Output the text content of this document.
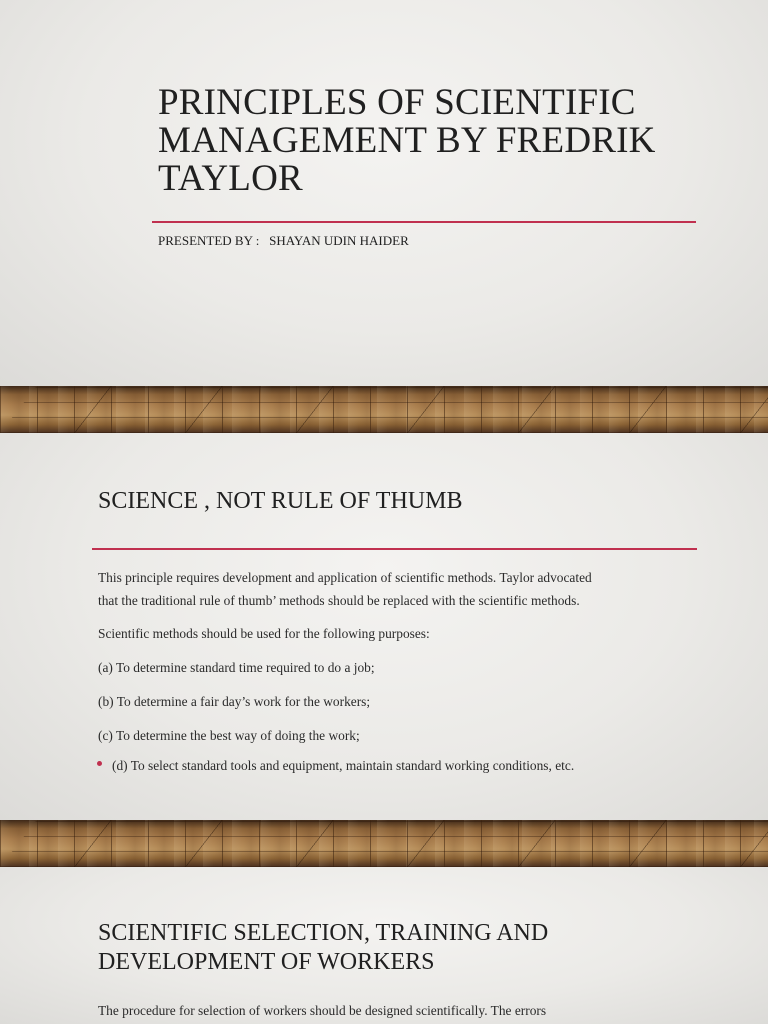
PRINCIPLES OF SCIENTIFIC
MANAGEMENT BY FREDRIK
TAYLOR

PRESENTED BY :   SHAYAN UDIN HAIDER

SCIENCE , NOT RULE OF THUMB

This principle requires development and application of scientific methods. Taylor advocated

that the traditional rule of thumb’ methods should be replaced with the scientific methods.

Scientific methods should be used for the following purposes:

(a) To determine standard time required to do a job;

(b) To determine a fair day’s work for the workers;

(c) To determine the best way of doing the work;

(d) To select standard tools and equipment, maintain standard working conditions, etc.

SCIENTIFIC SELECTION, TRAINING AND
DEVELOPMENT OF WORKERS

The procedure for selection of workers should be designed scientifically. The errors
